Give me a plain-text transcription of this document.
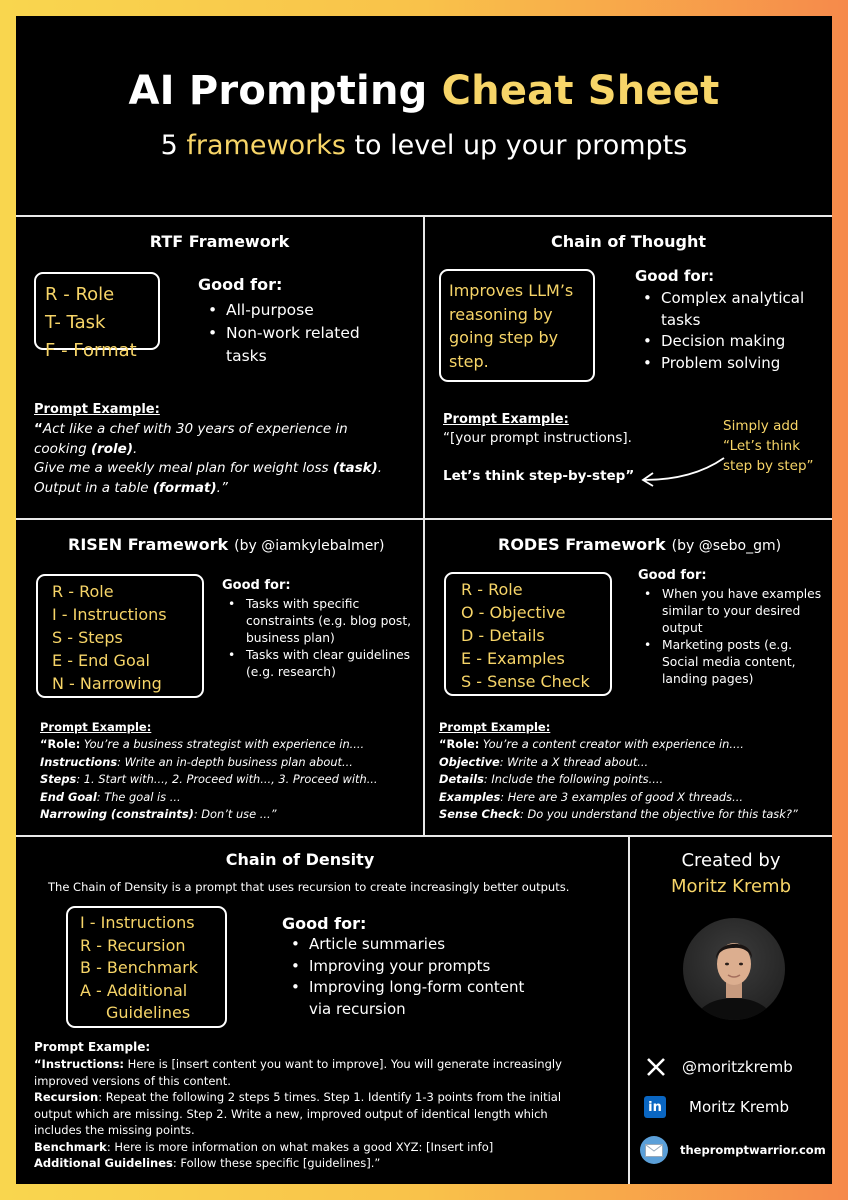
AI Prompting Cheat Sheet
5 frameworks to level up your prompts
RTF Framework
R - Role
T- Task
F - Format
Good for:
• All-purpose
• Non-work related tasks
Prompt Example:
“Act like a chef with 30 years of experience in
cooking (role).
Give me a weekly meal plan for weight loss (task).
Output in a table (format).”
Chain of Thought
Improves LLM’s
reasoning by
going step by
step.
Good for:
• Complex analytical tasks
• Decision making
• Problem solving
Prompt Example:
“[your prompt instructions].
Let’s think step-by-step”
Simply add
“Let’s think
step by step”
RISEN Framework (by @iamkylebalmer)
R - Role
I - Instructions
S - Steps
E - End Goal
N - Narrowing
Good for:
• Tasks with specific constraints (e.g. blog post, business plan)
• Tasks with clear guidelines (e.g. research)
Prompt Example:
“Role: You’re a business strategist with experience in....
Instructions: Write an in-depth business plan about...
Steps: 1. Start with..., 2. Proceed with..., 3. Proceed with...
End Goal: The goal is ...
Narrowing (constraints): Don’t use ...”
RODES Framework (by @sebo_gm)
R - Role
O - Objective
D - Details
E - Examples
S - Sense Check
Good for:
• When you have examples similar to your desired output
• Marketing posts (e.g. Social media content, landing pages)
Prompt Example:
“Role: You’re a content creator with experience in....
Objective: Write a X thread about...
Details: Include the following points....
Examples: Here are 3 examples of good X threads...
Sense Check: Do you understand the objective for this task?”
Chain of Density
The Chain of Density is a prompt that uses recursion to create increasingly better outputs.
I - Instructions
R - Recursion
B - Benchmark
A - Additional
Guidelines
Good for:
• Article summaries
• Improving your prompts
• Improving long-form content via recursion
Prompt Example:
“Instructions: Here is [insert content you want to improve]. You will generate increasingly
improved versions of this content.
Recursion: Repeat the following 2 steps 5 times. Step 1. Identify 1-3 points from the initial
output which are missing. Step 2. Write a new, improved output of identical length which
includes the missing points.
Benchmark: Here is more information on what makes a good XYZ: [Insert info]
Additional Guidelines: Follow these specific [guidelines].”
Created by
Moritz Kremb
@moritzkremb
in Moritz Kremb
thepromptwarrior.com
